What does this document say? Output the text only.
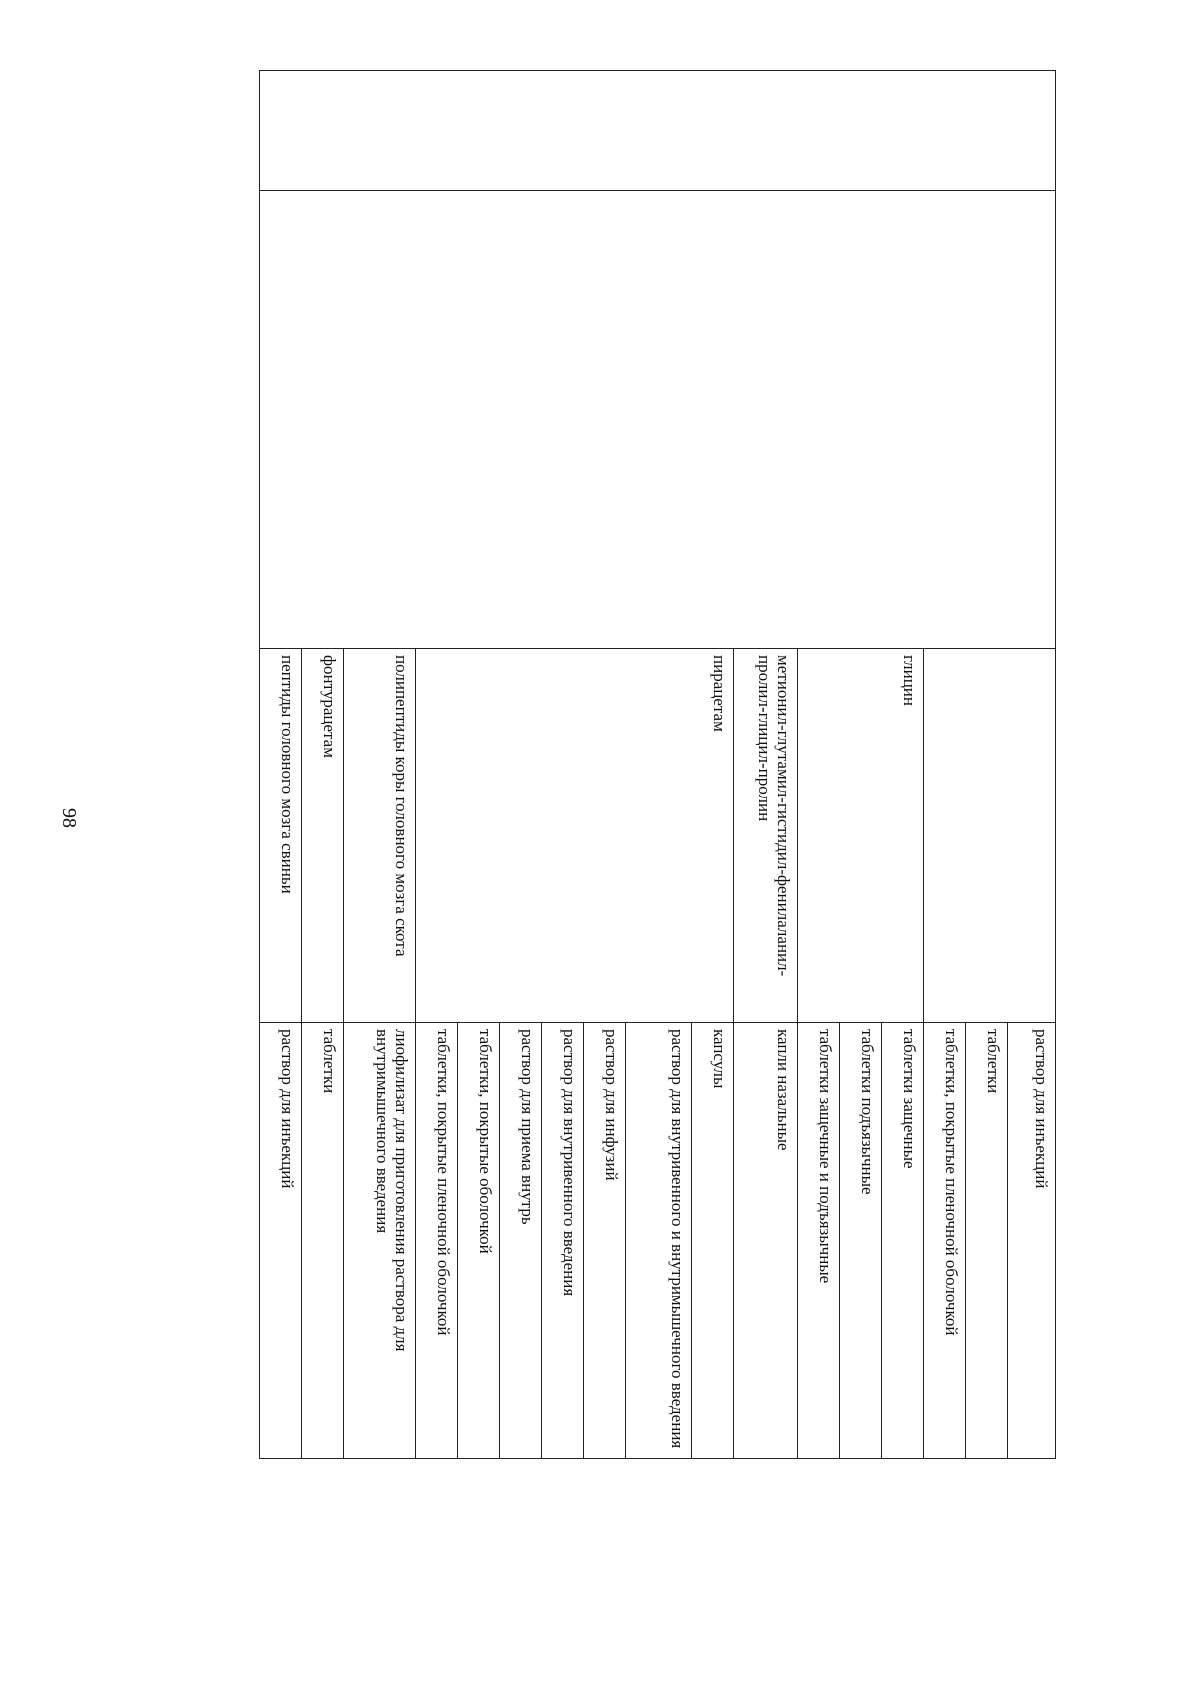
98
			раствор для инъекций
			таблетки
			таблетки, покрытые пленочной оболочкой
		глицин	таблетки защечные
			таблетки подъязычные
			таблетки защечные и подъязычные
		метионил-глутамил-гистидил-фенилаланил-пролил-глицил-пролин	капли назальные
		пирацетам	капсулы
			раствор для внутривенного и внутримышечного введения
			раствор для инфузий
			раствор для внутривенного введения
			раствор для приема внутрь
			таблетки, покрытые оболочкой
			таблетки, покрытые пленочной оболочкой
		полипептиды коры головного мозга скота	лиофилизат для приготовления раствора для внутримышечного введения
		фонтурацетам	таблетки
		пептиды головного мозга свиньи	раствор для инъекций
